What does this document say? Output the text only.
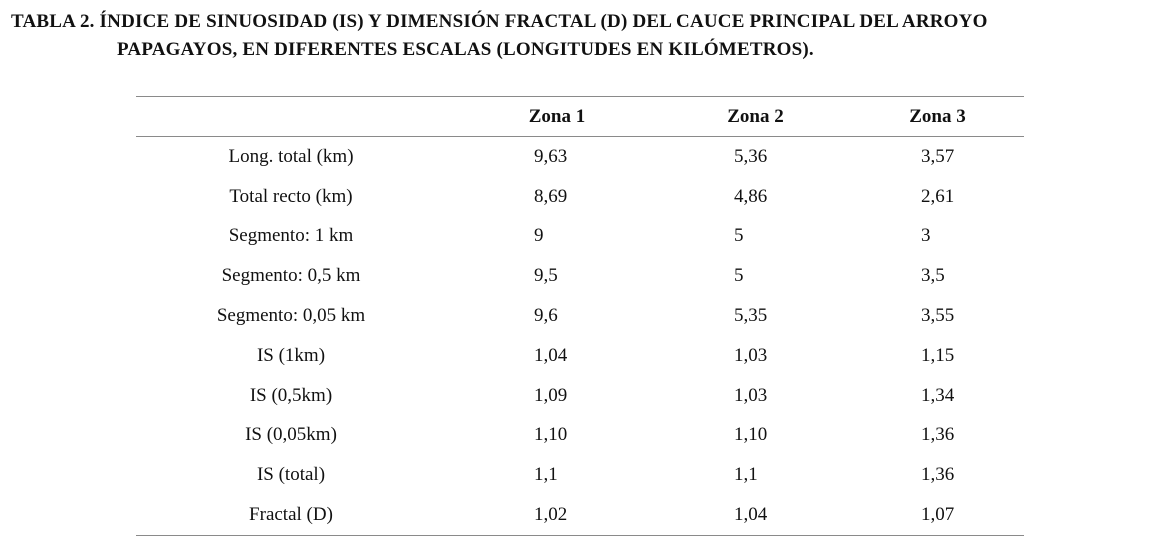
TABLA 2. ÍNDICE DE SINUOSIDAD (IS) Y DIMENSIÓN FRACTAL (D) DEL CAUCE PRINCIPAL DEL ARROYO
PAPAGAYOS, EN DIFERENTES ESCALAS (LONGITUDES EN KILÓMETROS).
	Zona 1	Zona 2	Zona 3
Long. total (km)	9,63	5,36	3,57
Total recto (km)	8,69	4,86	2,61
Segmento: 1 km	9	5	3
Segmento: 0,5 km	9,5	5	3,5
Segmento: 0,05 km	9,6	5,35	3,55
IS (1km)	1,04	1,03	1,15
IS (0,5km)	1,09	1,03	1,34
IS (0,05km)	1,10	1,10	1,36
IS (total)	1,1	1,1	1,36
Fractal (D)	1,02	1,04	1,07
